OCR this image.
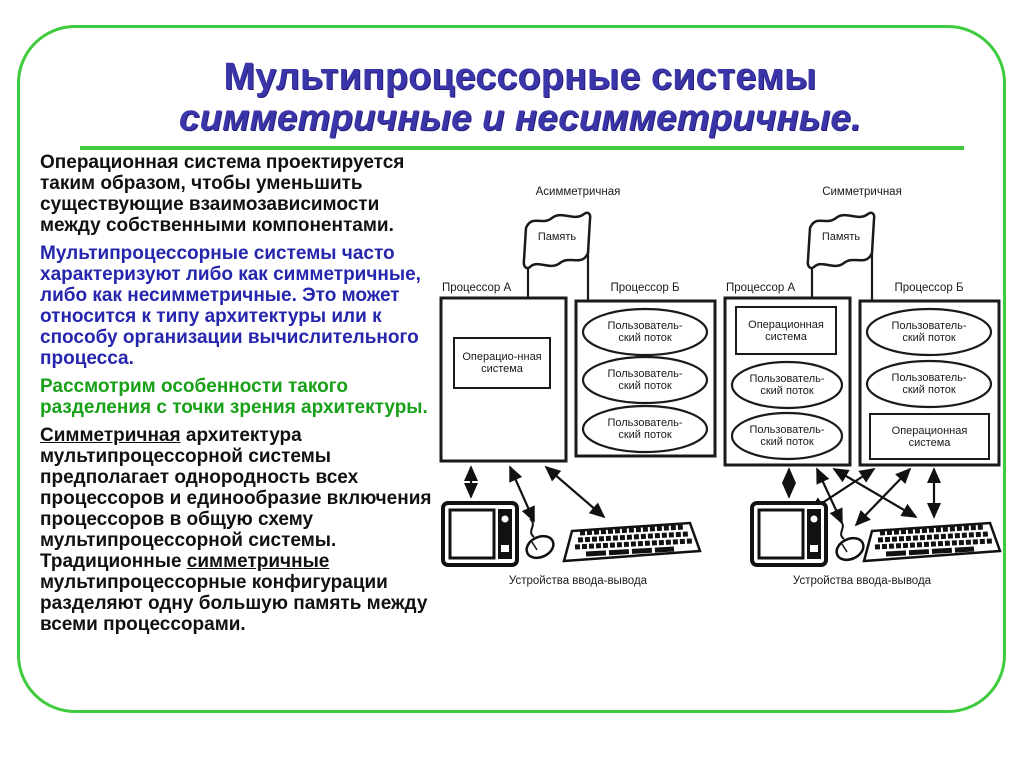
Мультипроцессорные системы
симметричные и несимметричные.

Операционная система проектируется таким образом, чтобы уменьшить существующие взаимозависимости между собственными компонентами.

Мультипроцессорные системы часто характеризуют либо как симметричные, либо как несимметричные. Это может относится к типу архитектуры или к способу организации вычислительного процесса.

Рассмотрим особенности такого разделения с точки зрения архитектуры.

Симметричная архитектура мультипроцессорной системы предполагает однородность всех процессоров и единообразие включения процессоров в общую схему мультипроцессорной системы. Традиционные симметричные мультипроцессорные конфигурации разделяют одну большую память между всеми процессорами.

Асимметричная
Память
Процессор А	Процессор Б
Операцио-нная система
Пользователь-ский поток
Пользователь-ский поток
Пользователь-ский поток
Устройства ввода-вывода
Симметричная
Память
Процессор А	Процессор Б
Операционная система
Пользователь-ский поток
Пользователь-ский поток
Пользователь-ский поток
Пользователь-ский поток
Операционная система
Устройства ввода-вывода
